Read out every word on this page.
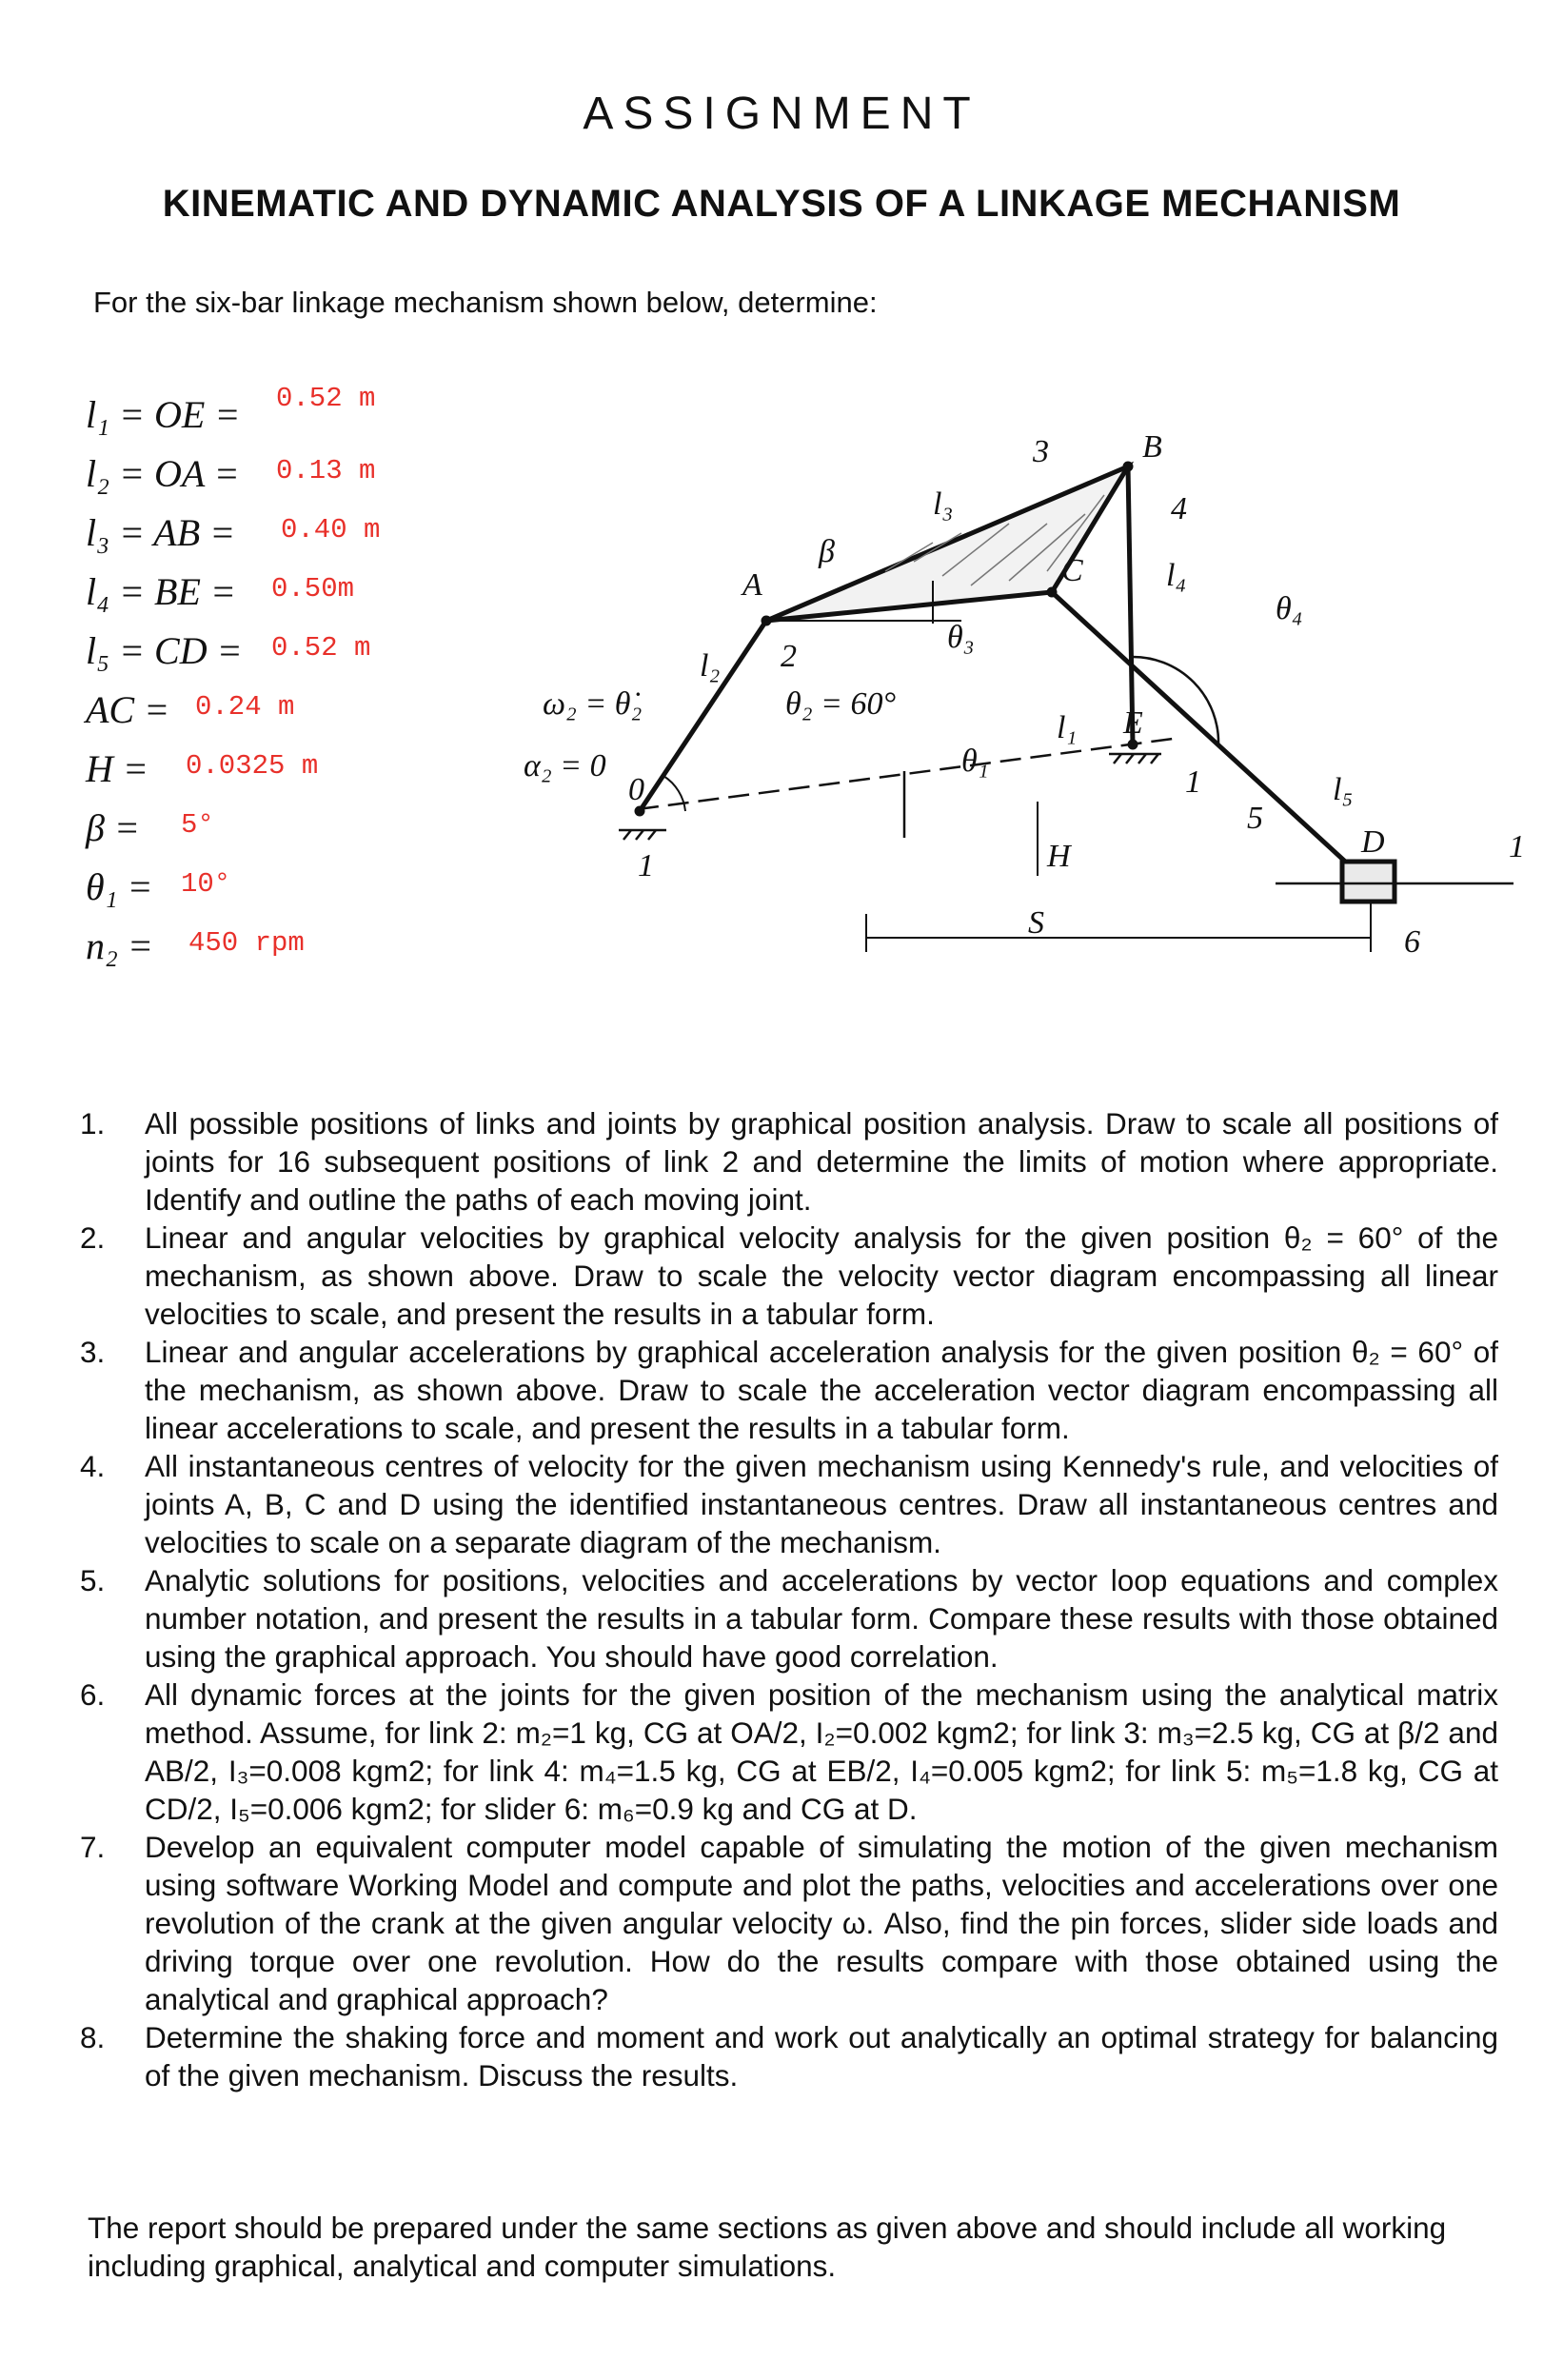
ASSIGNMENT
KINEMATIC AND DYNAMIC ANALYSIS OF A LINKAGE MECHANISM
For the six-bar linkage mechanism shown below, determine:
l₁ = OE = 0.52 m
l₂ = OA = 0.13 m
l₃ = AB = 0.40 m
l₄ = BE = 0.50m
l₅ = CD = 0.52 m
AC = 0.24 m
H = 0.0325 m
β = 5°
θ₁ = 10°
n₂ = 450 rpm
A
B
C
E
D
0
β
θ₃
θ₄
θ₁
θ₂ = 60°
ω₂ = θ̇₂
α₂ = 0
H
S
l₁
l₂
l₃
l₄
l₅
1
1
1
2
3
4
5
6
1. All possible positions of links and joints by graphical position analysis. Draw to scale all positions of joints for 16 subsequent positions of link 2 and determine the limits of motion where appropriate. Identify and outline the paths of each moving joint.
2. Linear and angular velocities by graphical velocity analysis for the given position θ₂ = 60° of the mechanism, as shown above. Draw to scale the velocity vector diagram encompassing all linear velocities to scale, and present the results in a tabular form.
3. Linear and angular accelerations by graphical acceleration analysis for the given position θ₂ = 60° of the mechanism, as shown above. Draw to scale the acceleration vector diagram encompassing all linear accelerations to scale, and present the results in a tabular form.
4. All instantaneous centres of velocity for the given mechanism using Kennedy's rule, and velocities of joints A, B, C and D using the identified instantaneous centres. Draw all instantaneous centres and velocities to scale on a separate diagram of the mechanism.
5. Analytic solutions for positions, velocities and accelerations by vector loop equations and complex number notation, and present the results in a tabular form. Compare these results with those obtained using the graphical approach. You should have good correlation.
6. All dynamic forces at the joints for the given position of the mechanism using the analytical matrix method. Assume, for link 2: m₂=1 kg, CG at OA/2, I₂=0.002 kgm2; for link 3: m₃=2.5 kg, CG at β/2 and AB/2, I₃=0.008 kgm2; for link 4: m₄=1.5 kg, CG at EB/2, I₄=0.005 kgm2; for link 5: m₅=1.8 kg, CG at CD/2, I₅=0.006 kgm2; for slider 6: m₆=0.9 kg and CG at D.
7. Develop an equivalent computer model capable of simulating the motion of the given mechanism using software Working Model and compute and plot the paths, velocities and accelerations over one revolution of the crank at the given angular velocity ω. Also, find the pin forces, slider side loads and driving torque over one revolution. How do the results compare with those obtained using the analytical and graphical approach?
8. Determine the shaking force and moment and work out analytically an optimal strategy for balancing of the given mechanism. Discuss the results.
The report should be prepared under the same sections as given above and should include all working including graphical, analytical and computer simulations.
